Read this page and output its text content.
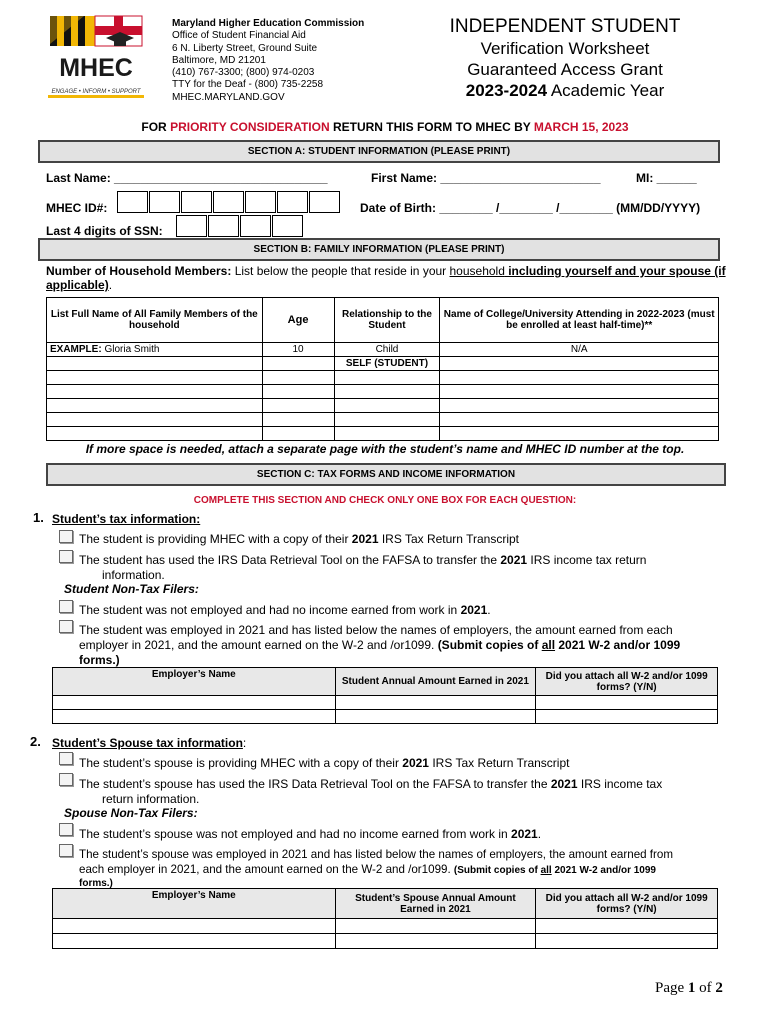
MHEC
ENGAGE • INFORM • SUPPORT
Maryland Higher Education Commission
Office of Student Financial Aid
6 N. Liberty Street, Ground Suite
Baltimore, MD 21201
(410) 767-3300; (800) 974-0203
TTY for the Deaf - (800) 735-2258
MHEC.MARYLAND.GOV
INDEPENDENT STUDENT
Verification Worksheet
Guaranteed Access Grant
2023-2024 Academic Year
FOR PRIORITY CONSIDERATION RETURN THIS FORM TO MHEC BY MARCH 15, 2023
SECTION A: STUDENT INFORMATION (PLEASE PRINT)
Last Name: ________________________________	First Name: ________________________	MI: ______
MHEC ID#:	Date of Birth: ________ /________ /________ (MM/DD/YYYY)
Last 4 digits of SSN:
SECTION B: FAMILY INFORMATION (PLEASE PRINT)
Number of Household Members: List below the people that reside in your household including yourself and your spouse (if applicable).
List Full Name of All Family Members of the household	Age	Relationship to the Student	Name of College/University Attending in 2022-2023 (must be enrolled at least half-time)**
EXAMPLE: Gloria Smith	10	Child	N/A
		SELF (STUDENT)	

If more space is needed, attach a separate page with the student’s name and MHEC ID number at the top.
SECTION C: TAX FORMS AND INCOME INFORMATION
COMPLETE THIS SECTION AND CHECK ONLY ONE BOX FOR EACH QUESTION:
1. Student’s tax information:
The student is providing MHEC with a copy of their 2021 IRS Tax Return Transcript
The student has used the IRS Data Retrieval Tool on the FAFSA to transfer the 2021 IRS income tax return
information.
Student Non-Tax Filers:
The student was not employed and had no income earned from work in 2021.
The student was employed in 2021 and has listed below the names of employers, the amount earned from each
employer in 2021, and the amount earned on the W-2 and /or1099. (Submit copies of all 2021 W-2 and/or 1099
forms.)
Employer’s Name	Student Annual Amount Earned in 2021	Did you attach all W-2 and/or 1099 forms? (Y/N)

2. Student’s Spouse tax information:
The student’s spouse is providing MHEC with a copy of their 2021 IRS Tax Return Transcript
The student’s spouse has used the IRS Data Retrieval Tool on the FAFSA to transfer the 2021 IRS income tax
return information.
Spouse Non-Tax Filers:
The student’s spouse was not employed and had no income earned from work in 2021.
The student’s spouse was employed in 2021 and has listed below the names of employers, the amount earned from
each employer in 2021, and the amount earned on the W-2 and /or1099. (Submit copies of all 2021 W-2 and/or 1099
forms.)
Employer’s Name	Student’s Spouse Annual Amount Earned in 2021	Did you attach all W-2 and/or 1099 forms? (Y/N)

Page 1 of 2
